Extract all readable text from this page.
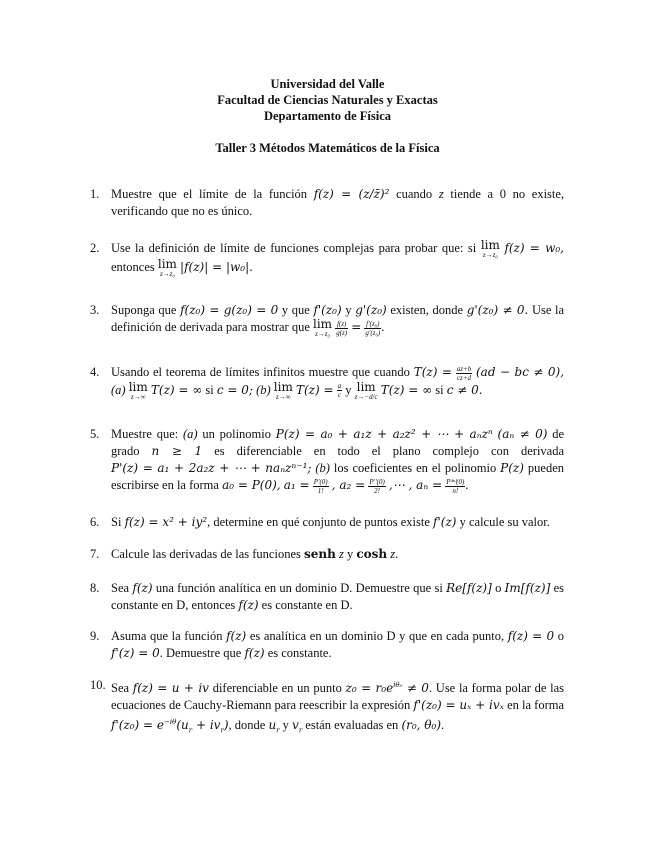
Universidad del Valle
Facultad de Ciencias Naturales y Exactas
Departamento de Física
Taller 3 Métodos Matemáticos de la Física
1. Muestre que el límite de la función f(z) = (z/z̄)² cuando z tiende a 0 no existe, verificando que no es único.
2. Use la definición de límite de funciones complejas para probar que: si lim
z→z₀ f(z) = w₀, entonces lim
z→z₀ |f(z)| = |w₀|.
3. Suponga que f(z₀) = g(z₀) = 0 y que f'(z₀) y g'(z₀) existen, donde g'(z₀) ≠ 0. Use la definición de derivada para mostrar que lim
z→z₀
$\frac{f(z)}{g(z)} = \frac{\text{f'(z₀)}}{\text{g'(z₀)}}$ .
4. Usando el teorema de límites infinitos muestre que cuando $T(z) = \frac{az+b}{cz+d} (ad$ − bc ≠ 0), (a) lim
z→∞ T(z) = ∞ si c = 0; (b) lim
z→∞ $T(z) = \frac{a}{c}$ y lim
z→−d/c T(z) = ∞ si c ≠ 0.
5. Muestre que: (a) un polinomio P(z) = a₀ + a₁z + a₂z² + ⋯ + aₙzⁿ (aₙ ≠ 0) de grado n ≥ 1 es diferenciable en todo el plano complejo con derivada P'(z) = a₁ + 2a₂z + ⋯ + naₙzⁿ⁻¹; (b) los coeficientes en el polinomio P(z) pueden escribirse en la forma a₀ = P(0), $a_1 = \frac{P'(0)}{1!}$ , $a_2 = \frac{P''(0)}{2!}$ ,⋯ , $a_n = \frac{\text{P⁽ⁿ⁾(0)}}{n!}$ .
6. Si f(z) = x² + iy², determine en qué conjunto de puntos existe f'(z) y calcule su valor.
7. Calcule las derivadas de las funciones senh z y cosh z.
8. Sea f(z) una función analítica en un dominio D. Demuestre que si Re[f(z)] o Im[f(z)] es constante en D, entonces f(z) es constante en D.
9. Asuma que la función f(z) es analítica en un dominio D y que en cada punto, f(z) = 0 o f'(z) = 0. Demuestre que f(z) es constante.
10. Sea f(z) = u + iv diferenciable en un punto $z_0 = r_0e^{i\theta_0} \ne 0$. Use la forma polar de las ecuaciones de Cauchy-Riemann para reescribir la expresión f'(z₀) = uₓ + ivₓ en la forma $f'(z_0) = e^{-i\theta}(u_r + iv_r)$, donde $u_r$ y $v_r$ están evaluadas en (r₀, θ₀).
